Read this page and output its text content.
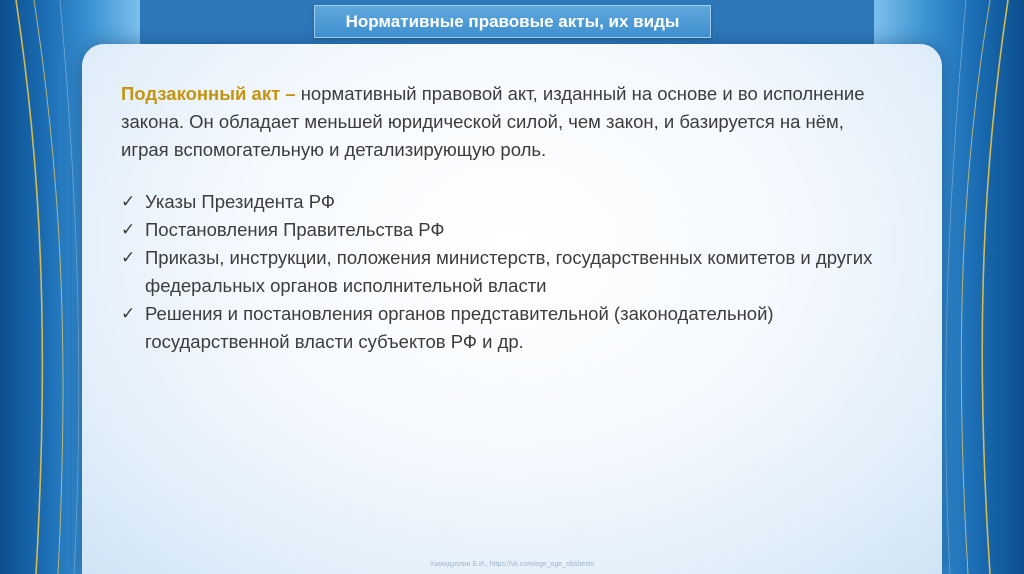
Нормативные правовые акты, их виды

Подзаконный акт – нормативный правовой акт, изданный на основе и во исполнение закона. Он обладает меньшей юридической силой, чем закон, и базируется на нём, играя вспомогательную и детализирующую роль.

✓ Указы Президента РФ
✓ Постановления Правительства РФ
✓ Приказы, инструкции, положения министерств, государственных комитетов и других федеральных органов исполнительной власти
✓ Решения и постановления органов представительной (законодательной) государственной власти субъектов РФ и др.
Хамидуллин Б.И., https://vk.com/ege_oge_obshestv
